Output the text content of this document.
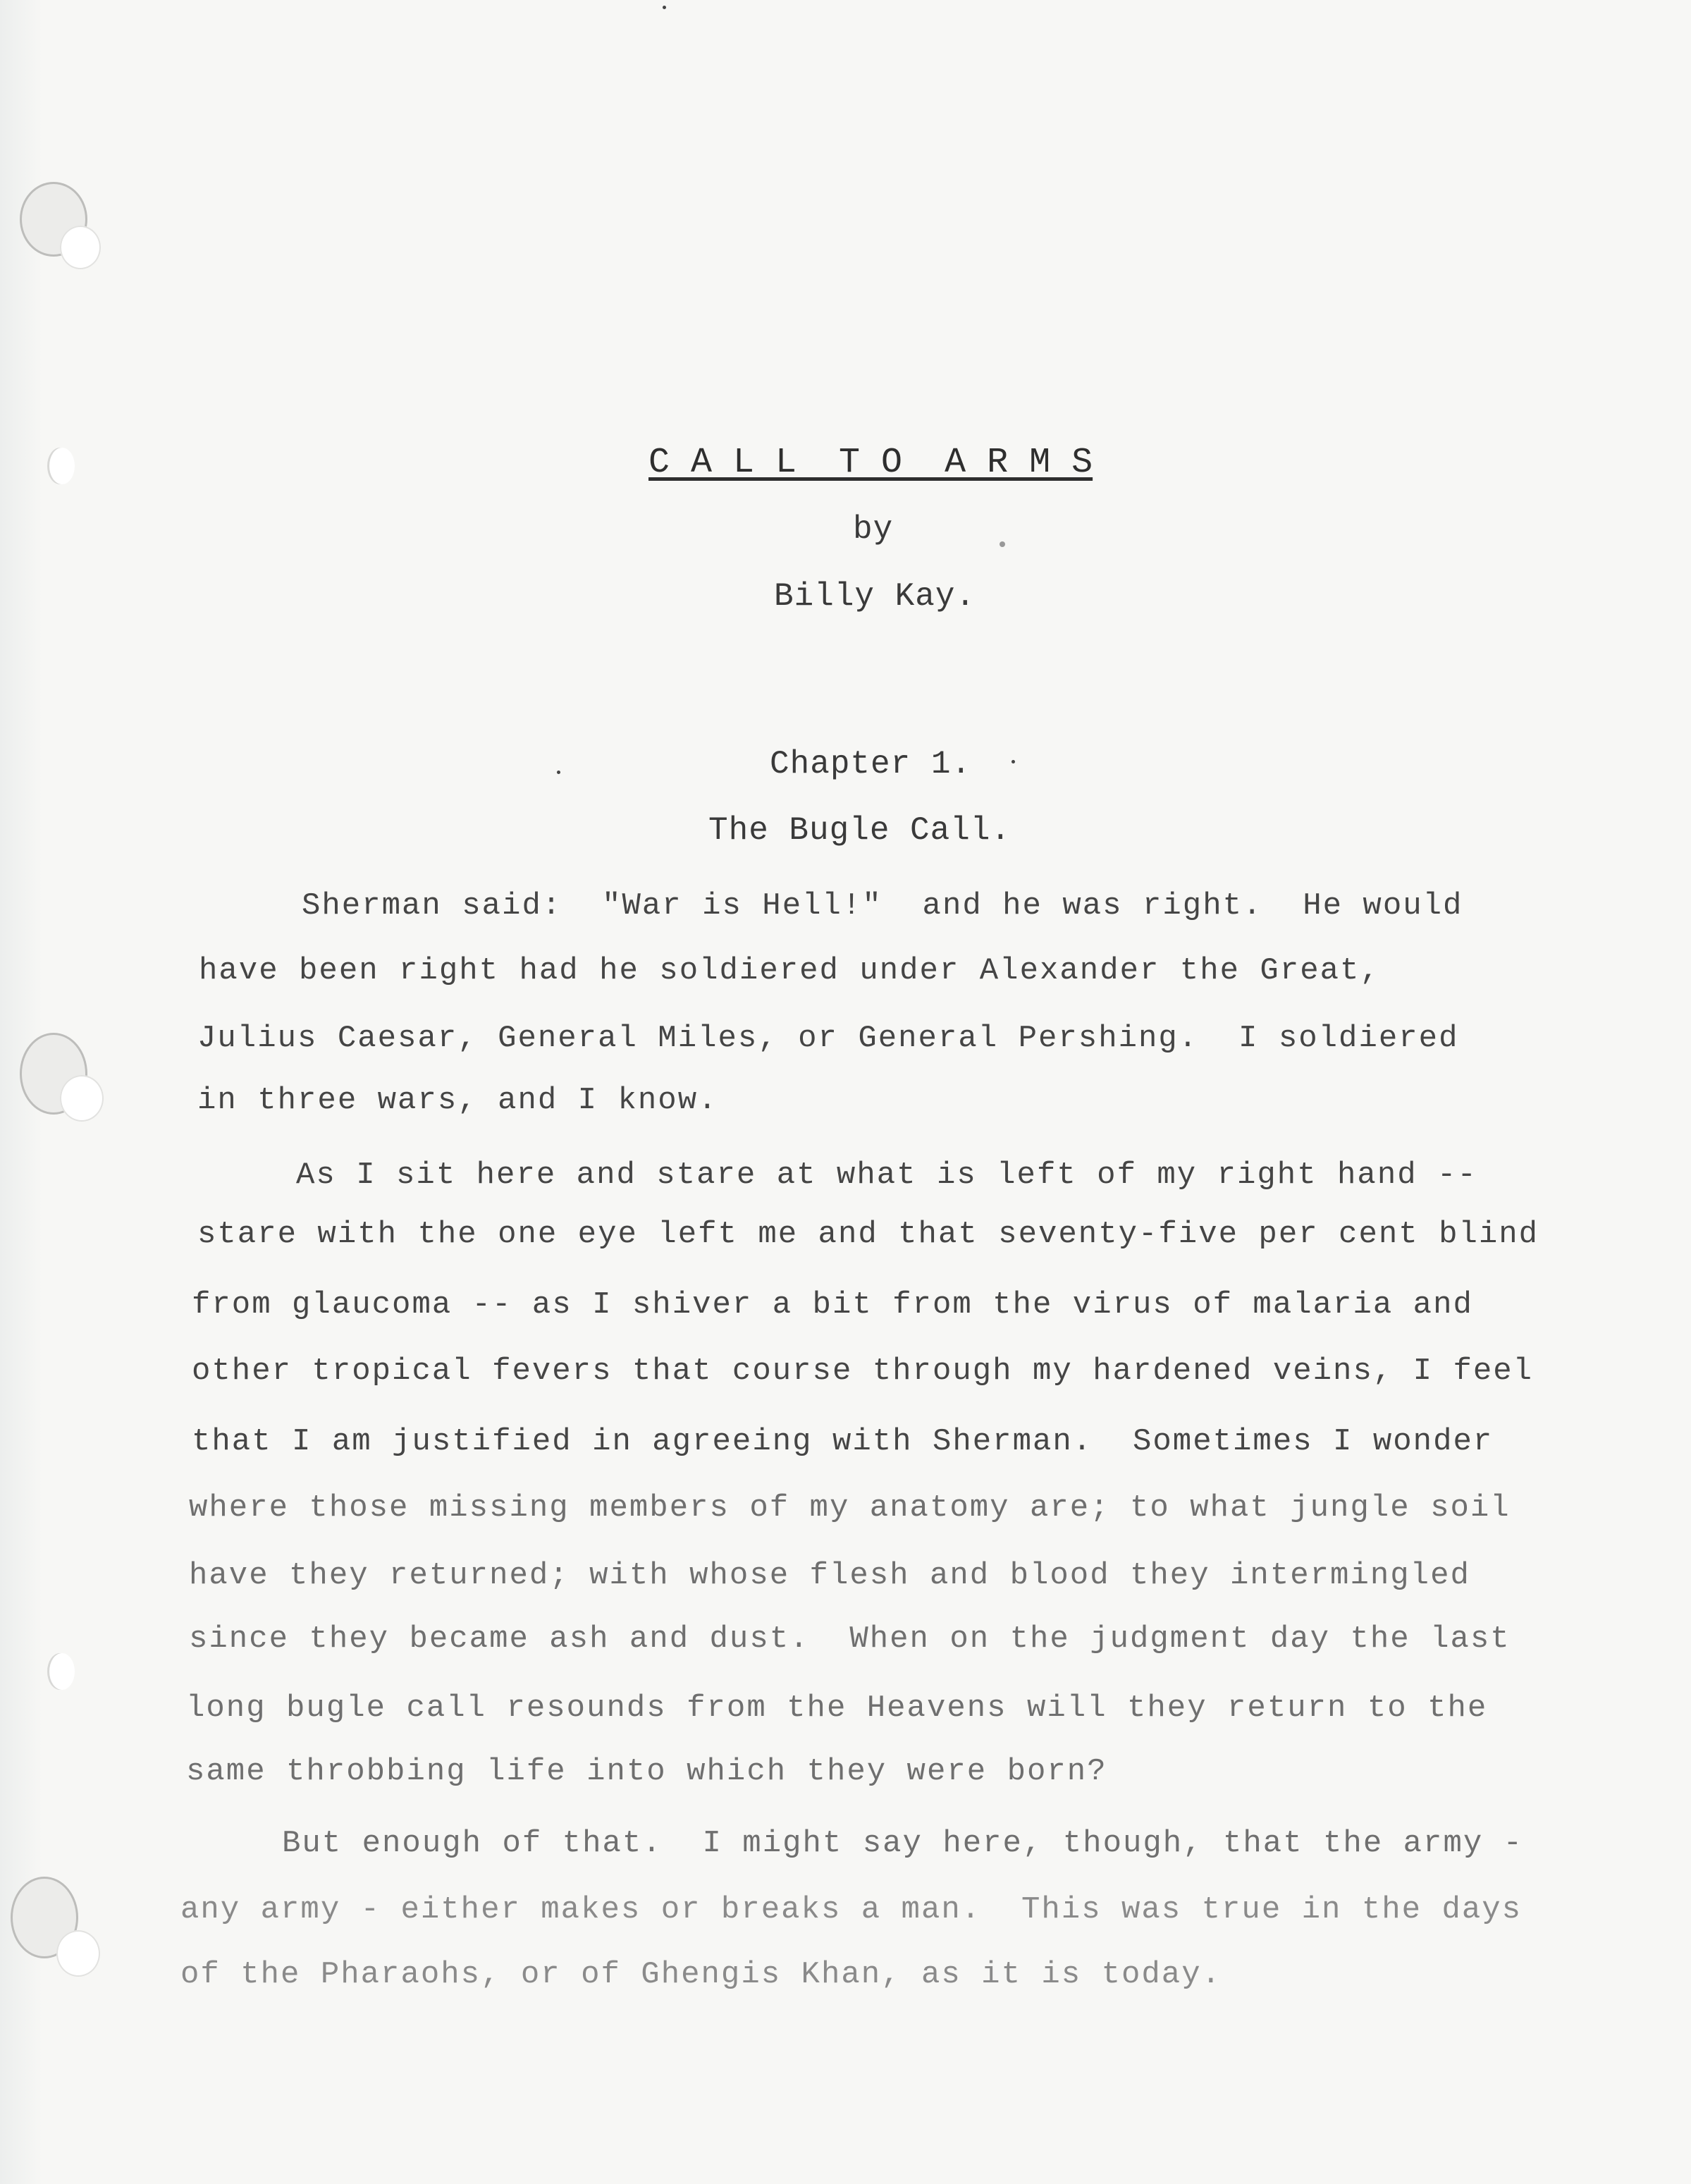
C A L L  T O  A R M S
by
Billy Kay.
Chapter 1.
The Bugle Call.
Sherman said:  "War is Hell!"  and he was right.  He would
have been right had he soldiered under Alexander the Great,
Julius Caesar, General Miles, or General Pershing.  I soldiered
in three wars, and I know.
As I sit here and stare at what is left of my right hand --
stare with the one eye left me and that seventy-five per cent blind
from glaucoma -- as I shiver a bit from the virus of malaria and
other tropical fevers that course through my hardened veins, I feel
that I am justified in agreeing with Sherman.  Sometimes I wonder
where those missing members of my anatomy are; to what jungle soil
have they returned; with whose flesh and blood they intermingled
since they became ash and dust.  When on the judgment day the last
long bugle call resounds from the Heavens will they return to the
same throbbing life into which they were born?
But enough of that.  I might say here, though, that the army -
any army - either makes or breaks a man.  This was true in the days
of the Pharaohs, or of Ghengis Khan, as it is today.
